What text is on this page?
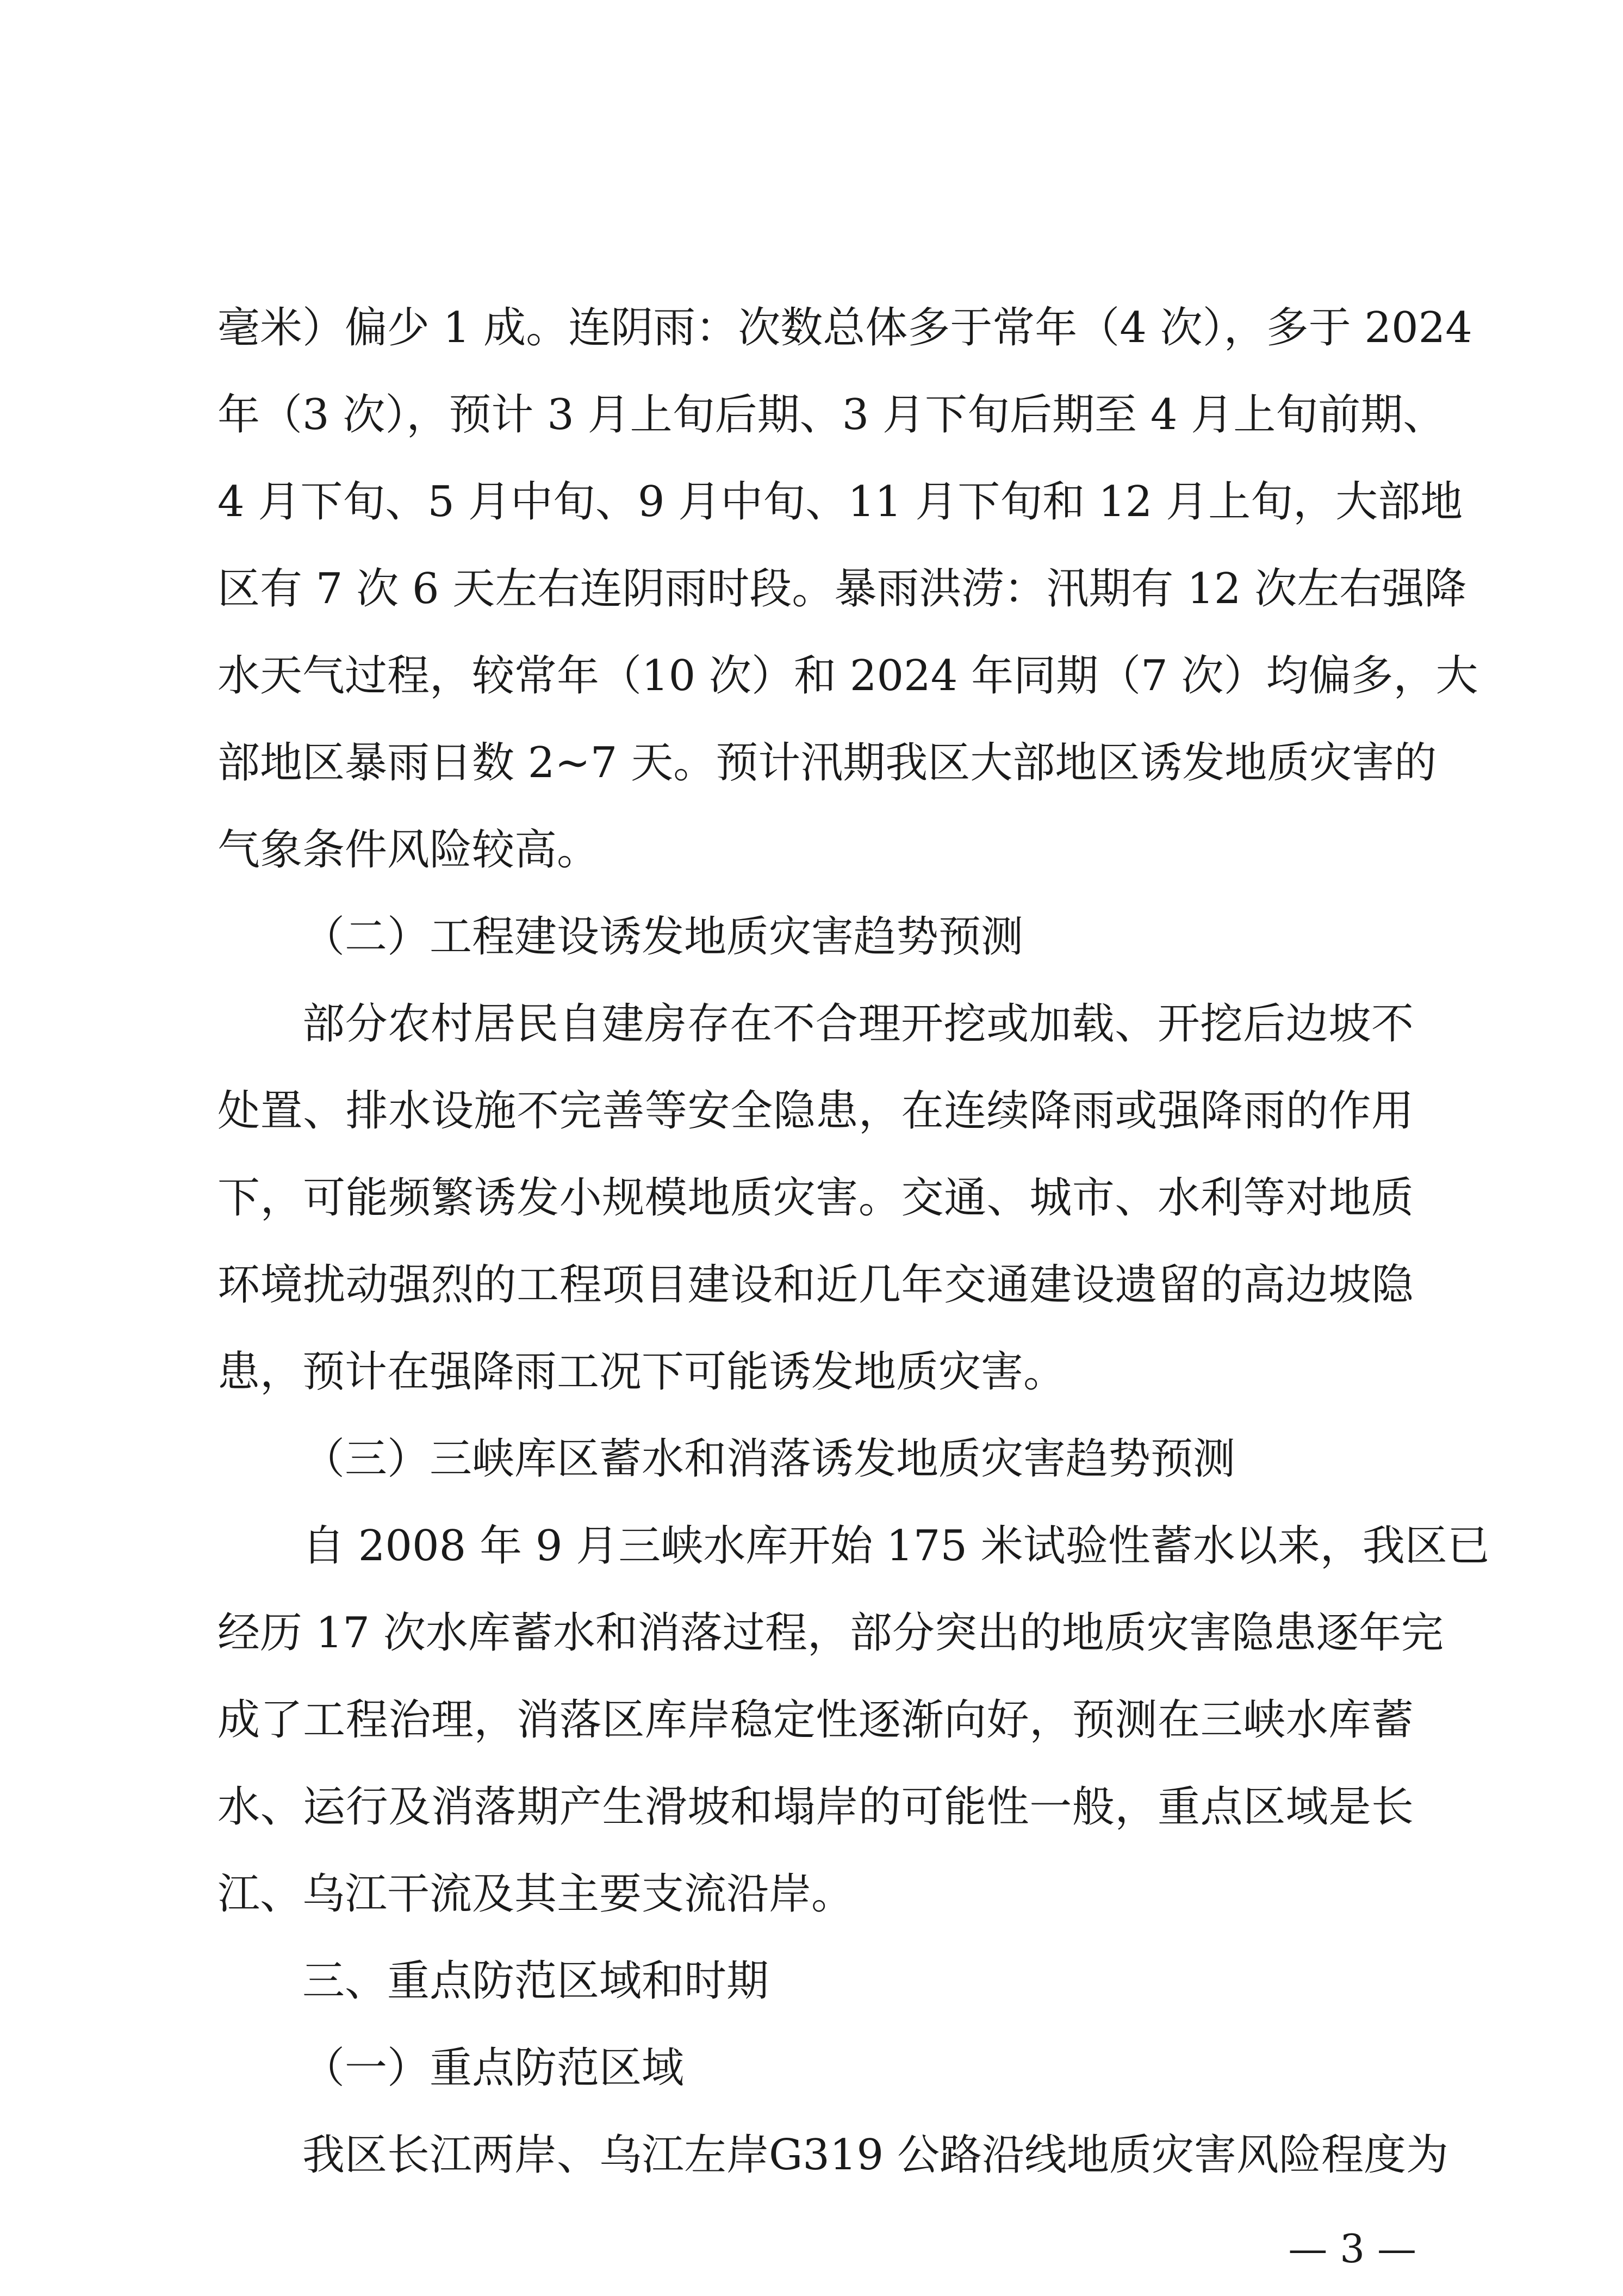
毫米）偏少 1 成。连阴雨：次数总体多于常年（4 次），多于 2024
年（3 次），预计 3 月上旬后期、3 月下旬后期至 4 月上旬前期、
4 月下旬、5 月中旬、9 月中旬、11 月下旬和 12 月上旬，大部地
区有 7 次 6 天左右连阴雨时段。暴雨洪涝：汛期有 12 次左右强降
水天气过程，较常年（10 次）和 2024 年同期（7 次）均偏多，大
部地区暴雨日数 2~7 天。预计汛期我区大部地区诱发地质灾害的
气象条件风险较高。
（二）工程建设诱发地质灾害趋势预测
部分农村居民自建房存在不合理开挖或加载、开挖后边坡不
处置、排水设施不完善等安全隐患，在连续降雨或强降雨的作用
下，可能频繁诱发小规模地质灾害。交通、城市、水利等对地质
环境扰动强烈的工程项目建设和近几年交通建设遗留的高边坡隐
患，预计在强降雨工况下可能诱发地质灾害。
（三）三峡库区蓄水和消落诱发地质灾害趋势预测
自 2008 年 9 月三峡水库开始 175 米试验性蓄水以来，我区已
经历 17 次水库蓄水和消落过程，部分突出的地质灾害隐患逐年完
成了工程治理，消落区库岸稳定性逐渐向好，预测在三峡水库蓄
水、运行及消落期产生滑坡和塌岸的可能性一般，重点区域是长
江、乌江干流及其主要支流沿岸。
三、重点防范区域和时期
（一）重点防范区域
我区长江两岸、乌江左岸G319 公路沿线地质灾害风险程度为
— 3 —
